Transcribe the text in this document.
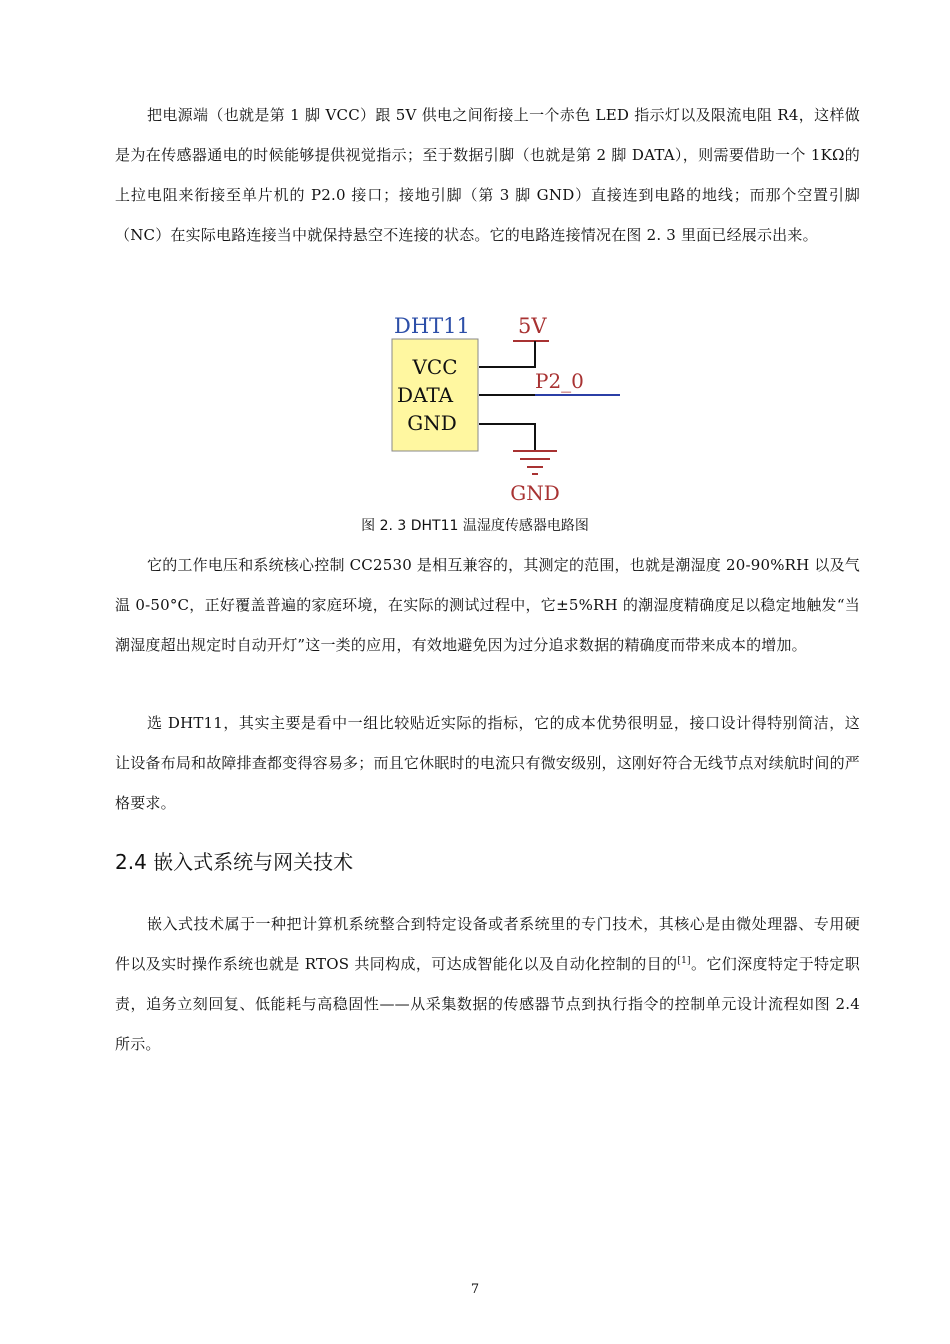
把电源端（也就是第 1 脚 VCC）跟 5V 供电之间衔接上一个赤色 LED 指示灯以及限流电阻 R4，这样做是为在传感器通电的时候能够提供视觉指示；至于数据引脚（也就是第 2 脚 DATA），则需要借助一个 1KΩ的上拉电阻来衔接至单片机的 P2.0 接口；接地引脚（第 3 脚 GND）直接连到电路的地线；而那个空置引脚（NC）在实际电路连接当中就保持悬空不连接的状态。它的电路连接情况在图 2. 3 里面已经展示出来。

DHT11
VCC
DATA
GND
5V
P2_0
GND

图 2. 3 DHT11 温湿度传感器电路图

它的工作电压和系统核心控制 CC2530 是相互兼容的，其测定的范围，也就是潮湿度 20-90%RH 以及气温 0-50°C，正好覆盖普遍的家庭环境，在实际的测试过程中，它±5%RH 的潮湿度精确度足以稳定地触发“当潮湿度超出规定时自动开灯”这一类的应用，有效地避免因为过分追求数据的精确度而带来成本的增加。

选 DHT11，其实主要是看中一组比较贴近实际的指标，它的成本优势很明显，接口设计得特别简洁，这让设备布局和故障排查都变得容易多；而且它休眠时的电流只有微安级别，这刚好符合无线节点对续航时间的严格要求。

2.4 嵌入式系统与网关技术

嵌入式技术属于一种把计算机系统整合到特定设备或者系统里的专门技术，其核心是由微处理器、专用硬件以及实时操作系统也就是 RTOS 共同构成，可达成智能化以及自动化控制的目的[1]。它们深度特定于特定职责，追务立刻回复、低能耗与高稳固性——从采集数据的传感器节点到执行指令的控制单元设计流程如图 2.4 所示。

7
